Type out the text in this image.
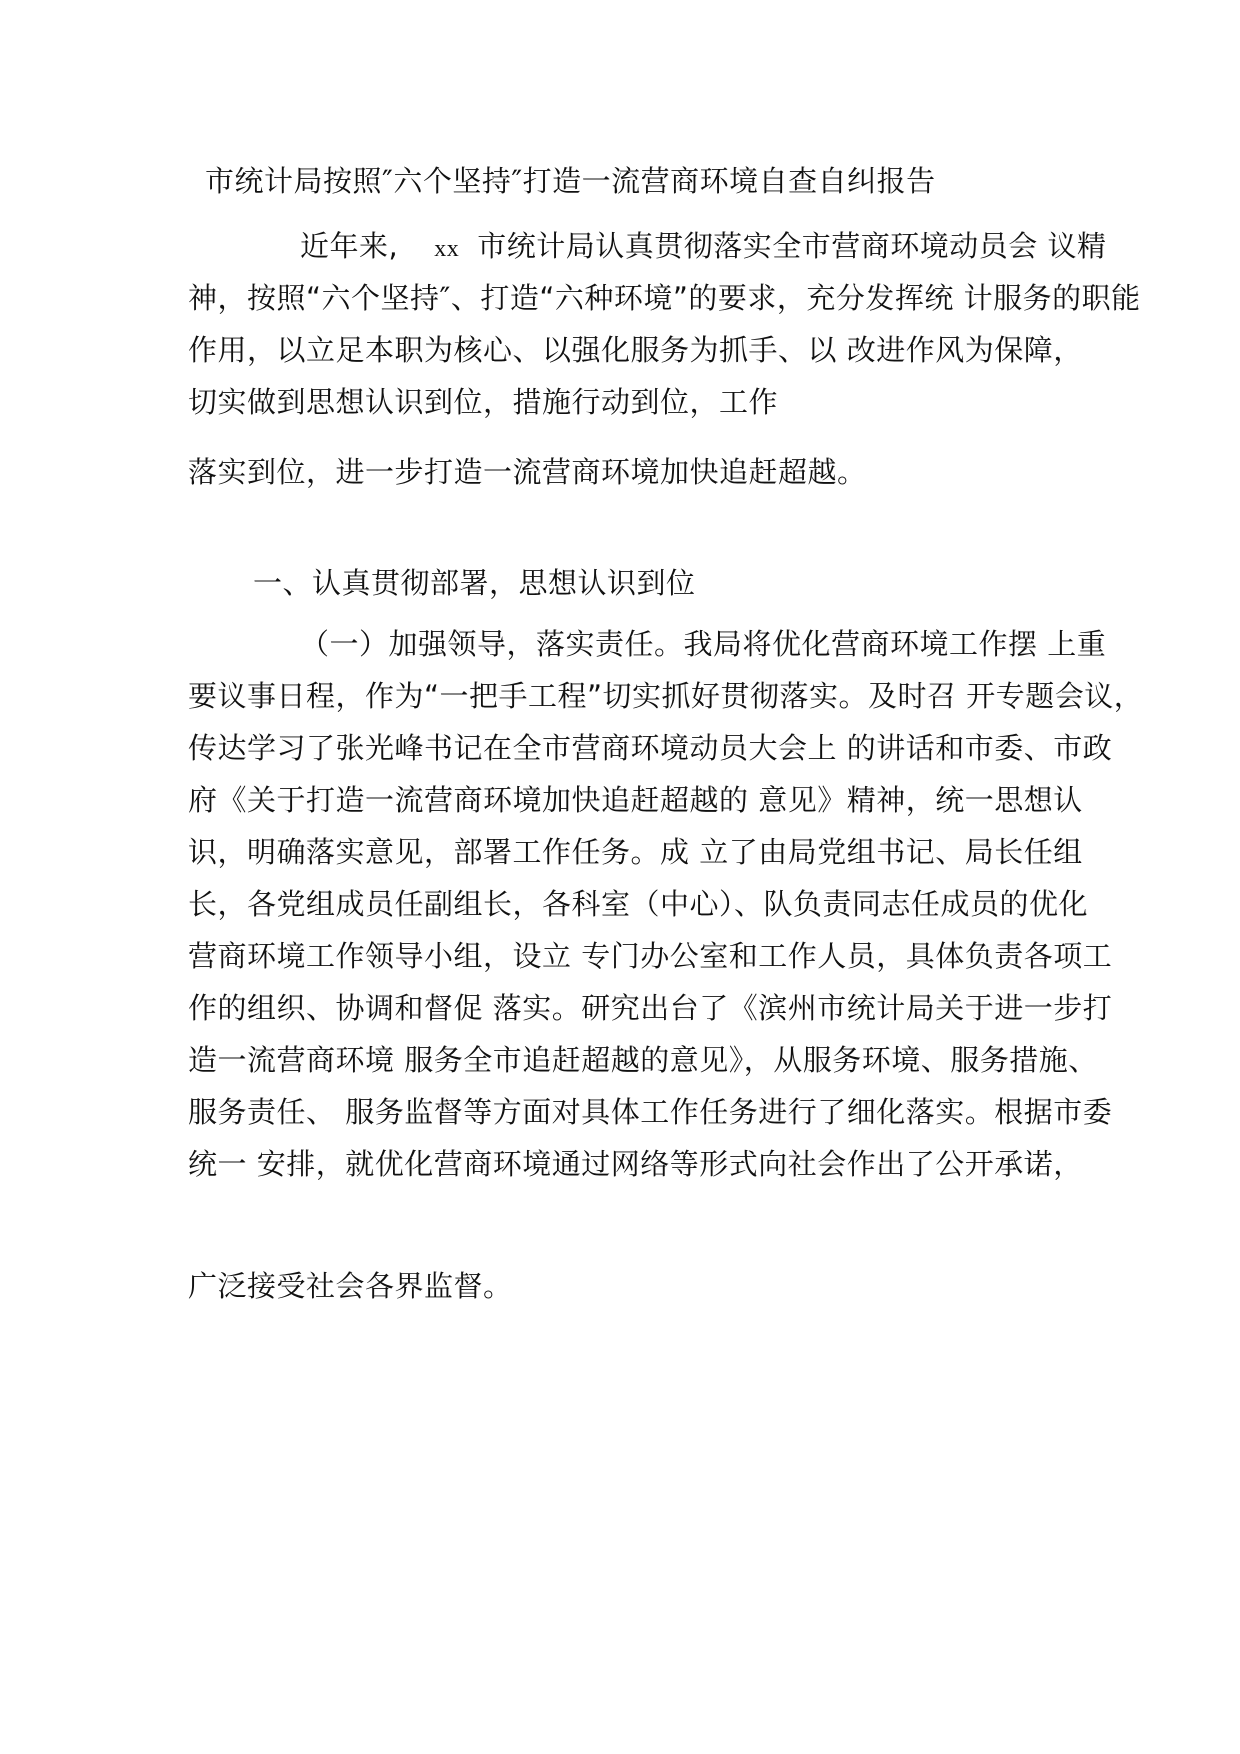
市统计局按照″六个坚持″打造一流营商环境自查自纠报告
近年来, xx 市统计局认真贯彻落实全市营商环境动员会 议精
神，按照“六个坚持″、打造“六种环境”的要求，充分发挥统 计服务的职能
作用，以立足本职为核心、以强化服务为抓手、以 改进作风为保障，
切实做到思想认识到位，措施行动到位，工作
落实到位，进一步打造一流营商环境加快追赶超越。
一、认真贯彻部署，思想认识到位
（一）加强领导，落实责任。我局将优化营商环境工作摆 上重
要议事日程，作为“一把手工程”切实抓好贯彻落实。及时召 开专题会议，
传达学习了张光峰书记在全市营商环境动员大会上 的讲话和市委、市政
府《关于打造一流营商环境加快追赶超越的 意见》精神，统一思想认
识，明确落实意见，部署工作任务。成 立了由局党组书记、局长任组
长，各党组成员任副组长，各科室（中心）、队负责同志任成员的优化
营商环境工作领导小组，设立 专门办公室和工作人员，具体负责各项工
作的组织、协调和督促 落实。研究出台了《滨州市统计局关于进一步打
造一流营商环境 服务全市追赶超越的意见》，从服务环境、服务措施、
服务责任、 服务监督等方面对具体工作任务进行了细化落实。根据市委
统一 安排，就优化营商环境通过网络等形式向社会作出了公开承诺，
广泛接受社会各界监督。
